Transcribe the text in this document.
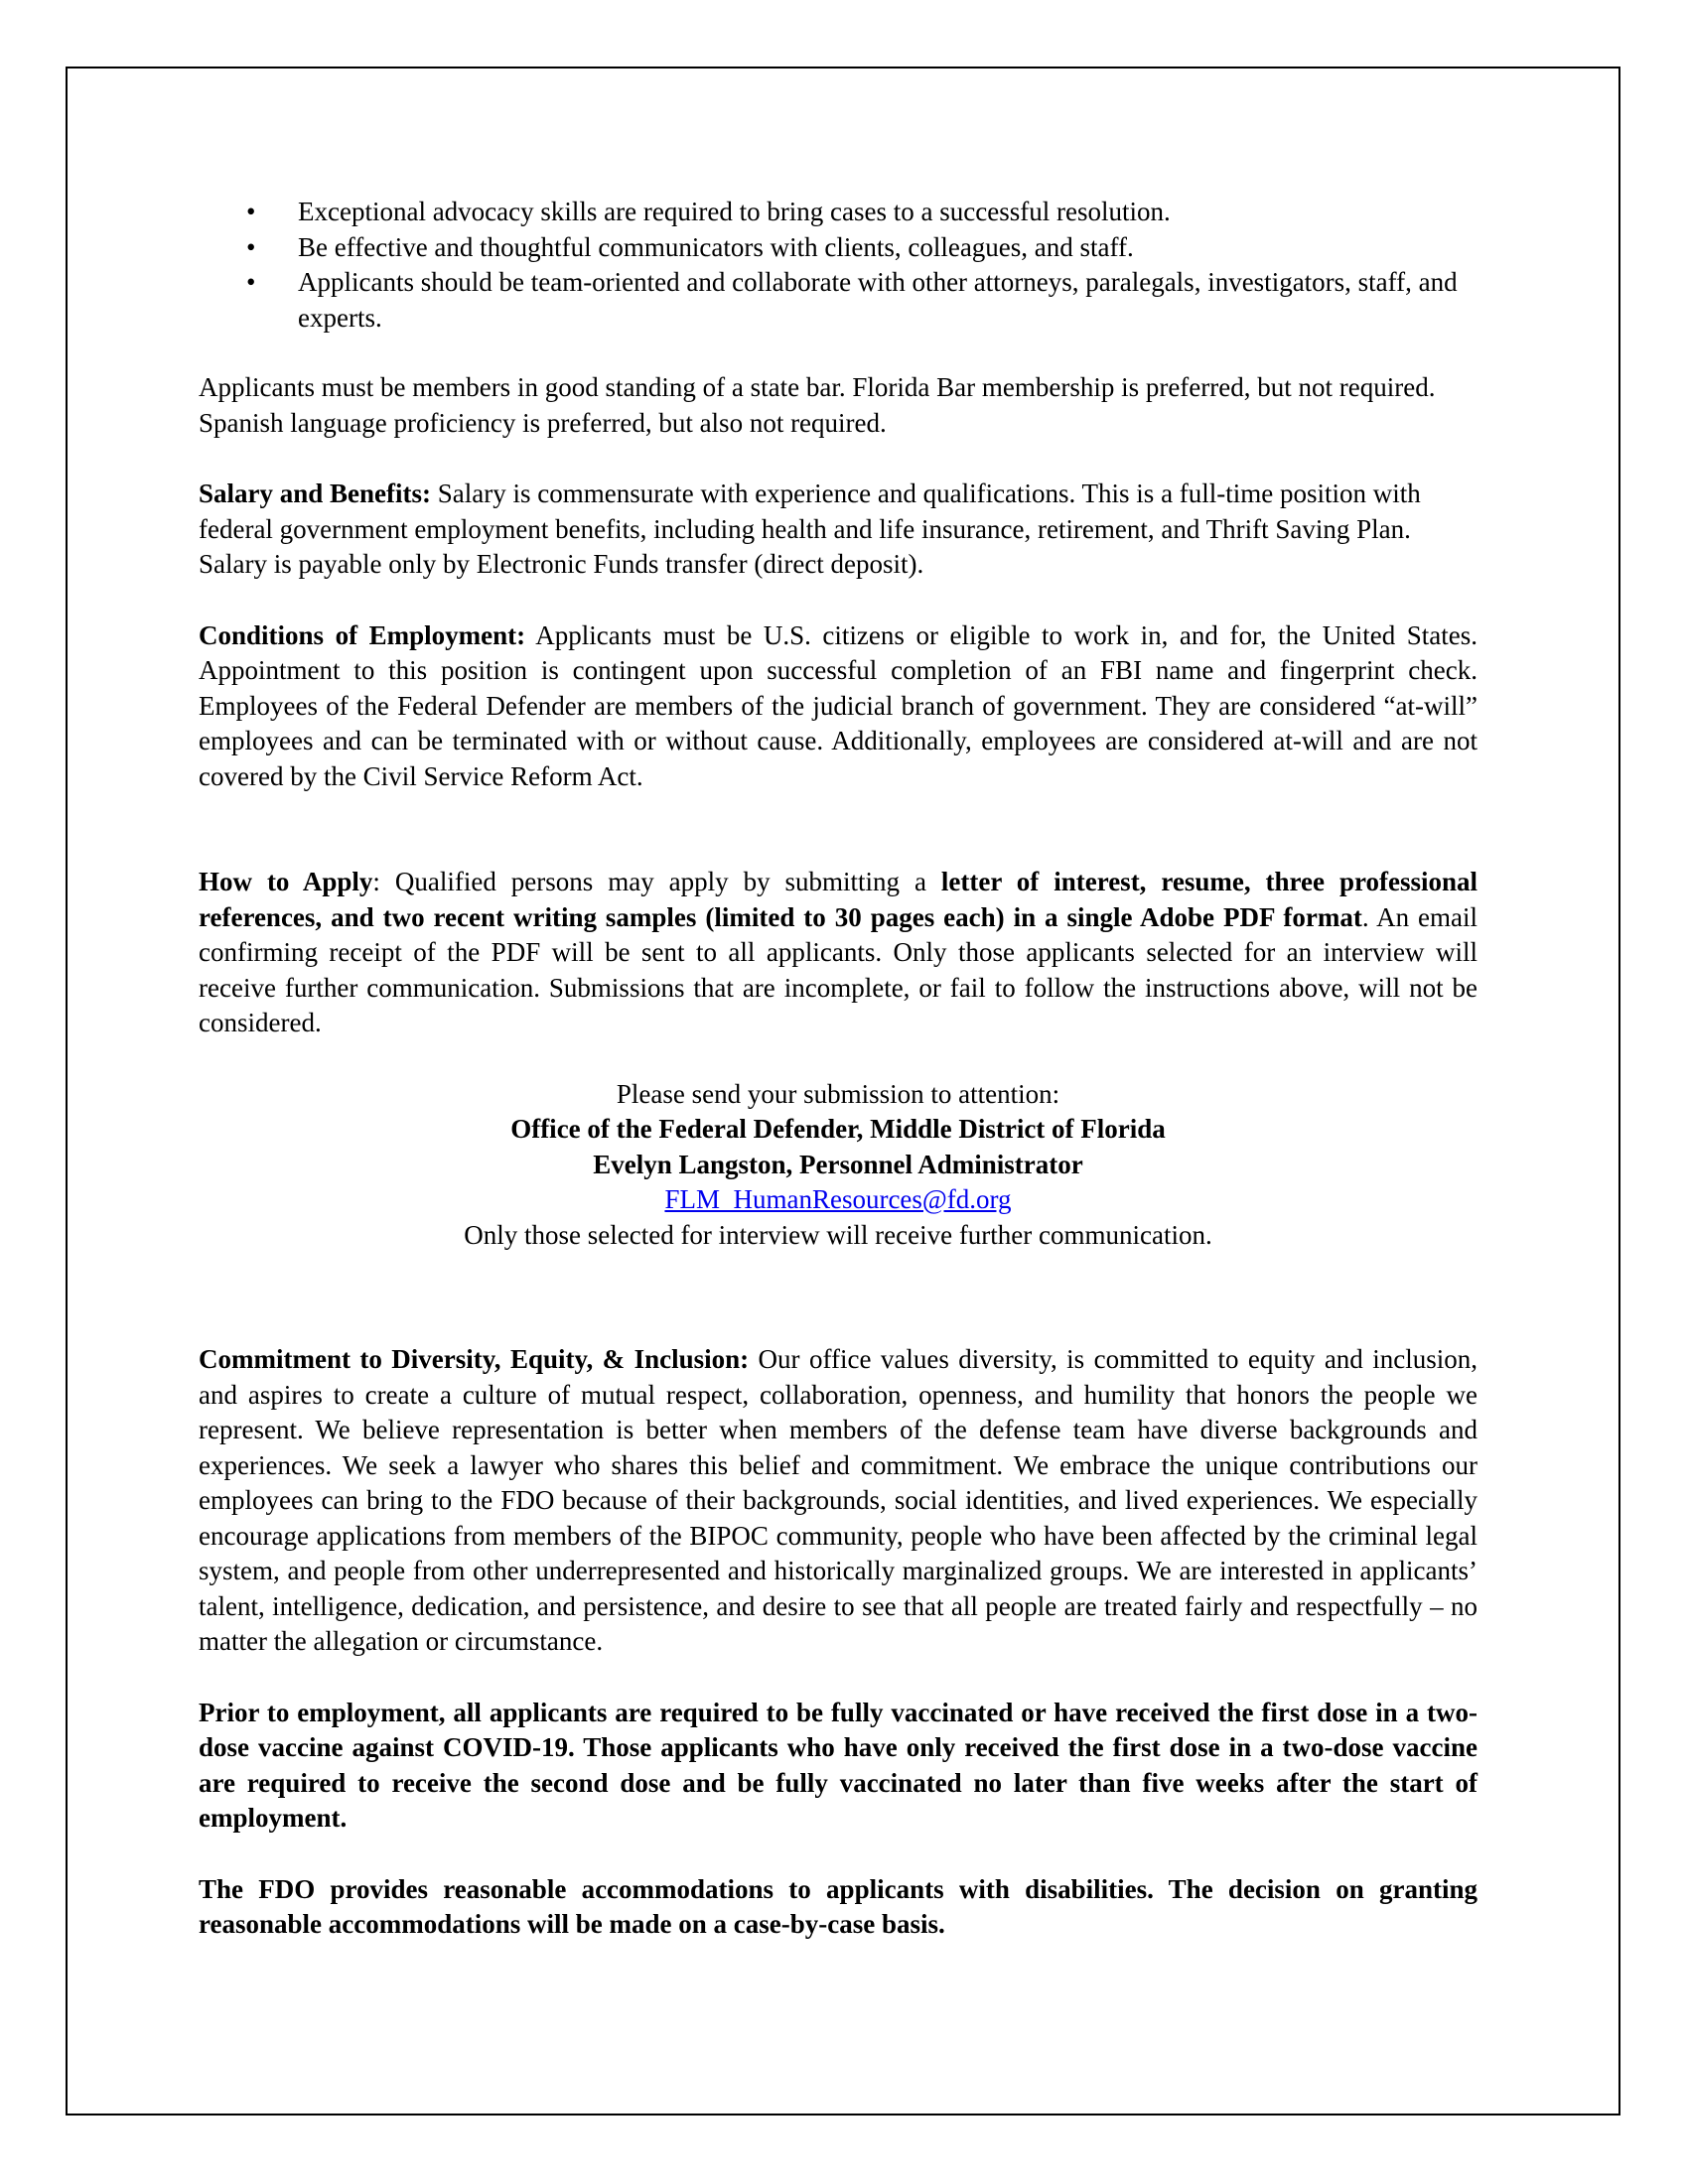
• Exceptional advocacy skills are required to bring cases to a successful resolution.
• Be effective and thoughtful communicators with clients, colleagues, and staff.
• Applicants should be team-oriented and collaborate with other attorneys, paralegals, investigators, staff, and experts.

Applicants must be members in good standing of a state bar. Florida Bar membership is preferred, but not required. Spanish language proficiency is preferred, but also not required.

Salary and Benefits: Salary is commensurate with experience and qualifications. This is a full-time position with federal government employment benefits, including health and life insurance, retirement, and Thrift Saving Plan. Salary is payable only by Electronic Funds transfer (direct deposit).

Conditions of Employment: Applicants must be U.S. citizens or eligible to work in, and for, the United States. Appointment to this position is contingent upon successful completion of an FBI name and fingerprint check. Employees of the Federal Defender are members of the judicial branch of government. They are considered “at-will” employees and can be terminated with or without cause. Additionally, employees are considered at-will and are not covered by the Civil Service Reform Act.

How to Apply: Qualified persons may apply by submitting a letter of interest, resume, three professional references, and two recent writing samples (limited to 30 pages each) in a single Adobe PDF format. An email confirming receipt of the PDF will be sent to all applicants. Only those applicants selected for an interview will receive further communication. Submissions that are incomplete, or fail to follow the instructions above, will not be considered.

Please send your submission to attention:
Office of the Federal Defender, Middle District of Florida
Evelyn Langston, Personnel Administrator
FLM_HumanResources@fd.org
Only those selected for interview will receive further communication.

Commitment to Diversity, Equity, & Inclusion: Our office values diversity, is committed to equity and inclusion, and aspires to create a culture of mutual respect, collaboration, openness, and humility that honors the people we represent. We believe representation is better when members of the defense team have diverse backgrounds and experiences. We seek a lawyer who shares this belief and commitment. We embrace the unique contributions our employees can bring to the FDO because of their backgrounds, social identities, and lived experiences. We especially encourage applications from members of the BIPOC community, people who have been affected by the criminal legal system, and people from other underrepresented and historically marginalized groups. We are interested in applicants’ talent, intelligence, dedication, and persistence, and desire to see that all people are treated fairly and respectfully – no matter the allegation or circumstance.

Prior to employment, all applicants are required to be fully vaccinated or have received the first dose in a two-dose vaccine against COVID-19. Those applicants who have only received the first dose in a two-dose vaccine are required to receive the second dose and be fully vaccinated no later than five weeks after the start of employment.

The FDO provides reasonable accommodations to applicants with disabilities. The decision on granting reasonable accommodations will be made on a case-by-case basis.
